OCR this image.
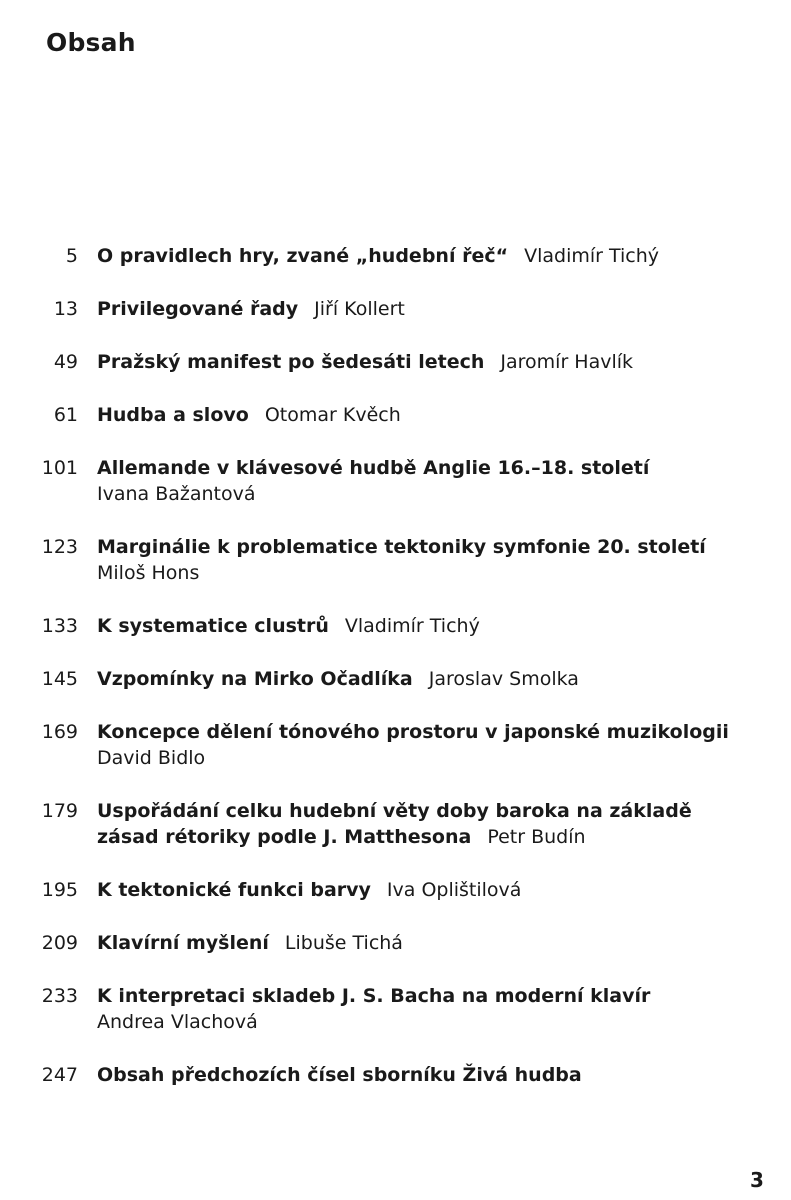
Obsah
5 O pravidlech hry, zvané „hudební řeč“ Vladimír Tichý
13 Privilegované řady Jiří Kollert
49 Pražský manifest po šedesáti letech Jaromír Havlík
61 Hudba a slovo Otomar Kvěch
101 Allemande v klávesové hudbě Anglie 16.–18. století
Ivana Bažantová
123 Marginálie k problematice tektoniky symfonie 20. století
Miloš Hons
133 K systematice clustrů Vladimír Tichý
145 Vzpomínky na Mirko Očadlíka Jaroslav Smolka
169 Koncepce dělení tónového prostoru v japonské muzikologii
David Bidlo
179 Uspořádání celku hudební věty doby baroka na základě zásad rétoriky podle J. Matthesona Petr Budín
195 K tektonické funkci barvy Iva Oplištilová
209 Klavírní myšlení Libuše Tichá
233 K interpretaci skladeb J. S. Bacha na moderní klavír
Andrea Vlachová
247 Obsah předchozích čísel sborníku Živá hudba
3
